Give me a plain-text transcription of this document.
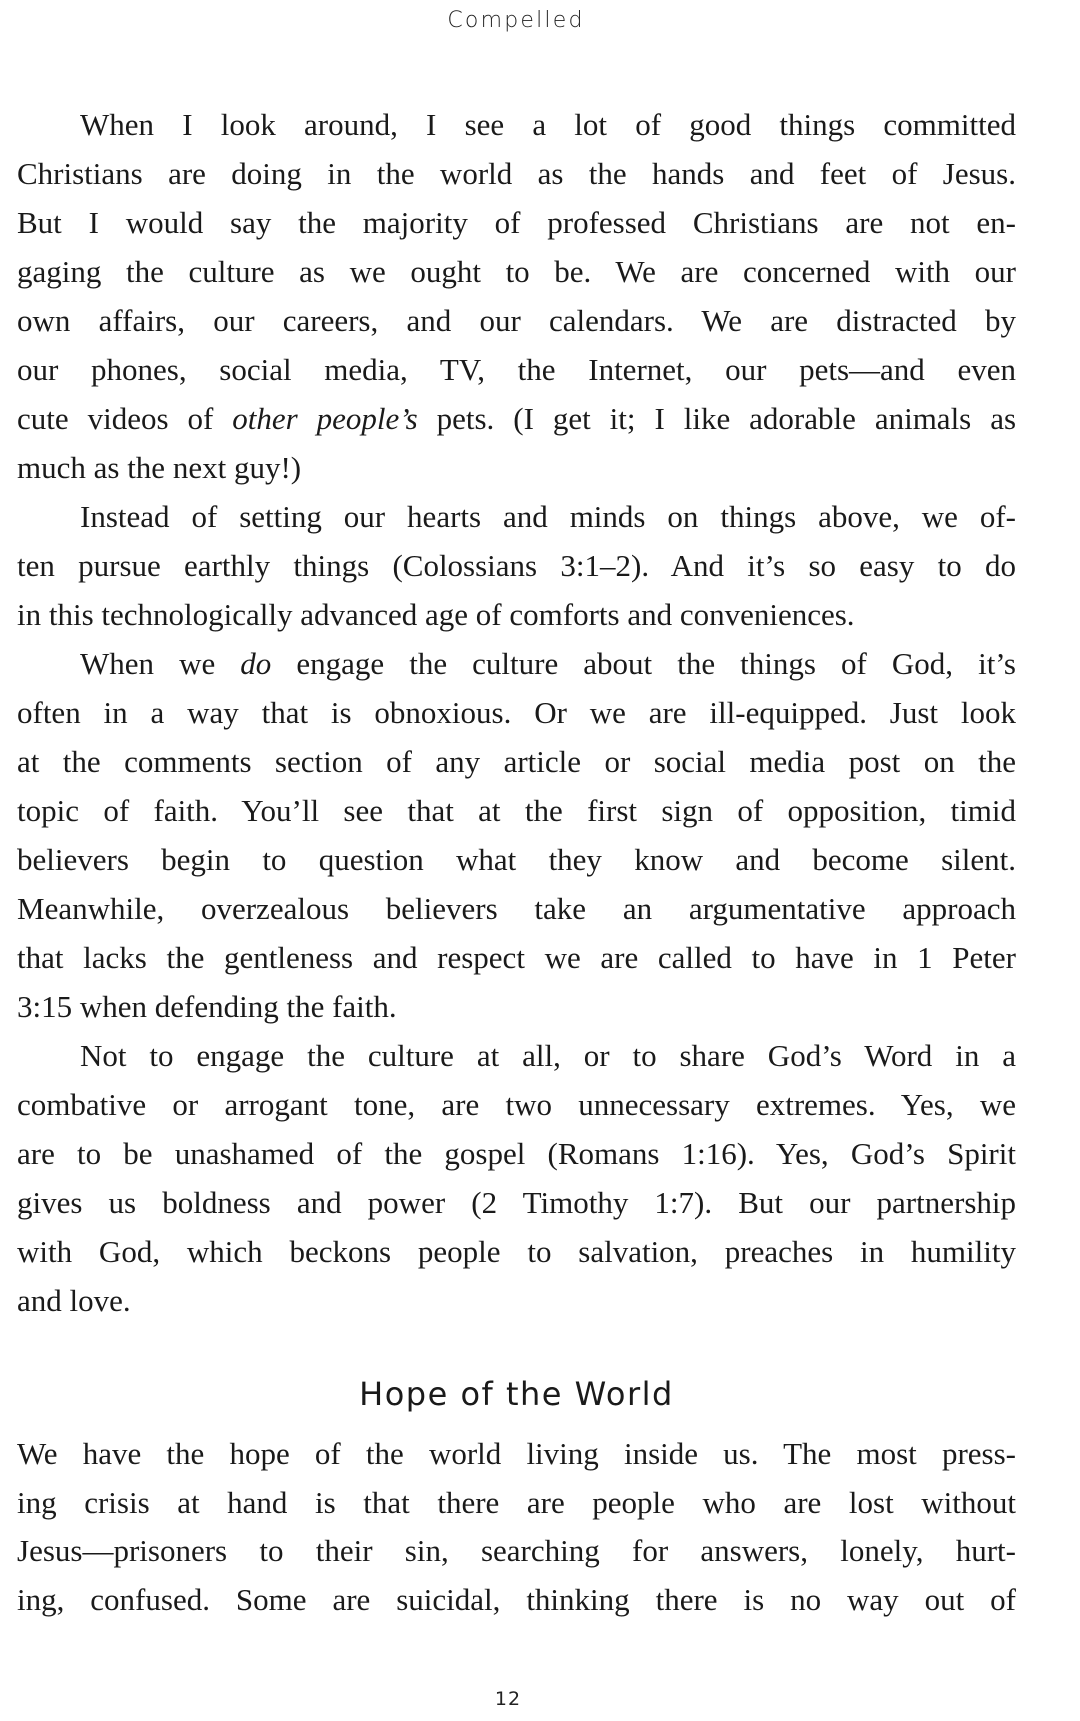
Compelled
When I look around, I see a lot of good things committed
Christians are doing in the world as the hands and feet of Jesus.
But I would say the majority of professed Christians are not en-
gaging the culture as we ought to be. We are concerned with our
own affairs, our careers, and our calendars. We are distracted by
our phones, social media, TV, the Internet, our pets—and even
cute videos of other people’s pets. (I get it; I like adorable animals as
much as the next guy!)
Instead of setting our hearts and minds on things above, we of-
ten pursue earthly things (Colossians 3:1–2). And it’s so easy to do
in this technologically advanced age of comforts and conveniences.
When we do engage the culture about the things of God, it’s
often in a way that is obnoxious. Or we are ill-equipped. Just look
at the comments section of any article or social media post on the
topic of faith. You’ll see that at the first sign of opposition, timid
believers begin to question what they know and become silent.
Meanwhile, overzealous believers take an argumentative approach
that lacks the gentleness and respect we are called to have in 1 Peter
3:15 when defending the faith.
Not to engage the culture at all, or to share God’s Word in a
combative or arrogant tone, are two unnecessary extremes. Yes, we
are to be unashamed of the gospel (Romans 1:16). Yes, God’s Spirit
gives us boldness and power (2 Timothy 1:7). But our partnership
with God, which beckons people to salvation, preaches in humility
and love.
Hope of the World
We have the hope of the world living inside us. The most press-
ing crisis at hand is that there are people who are lost without
Jesus—prisoners to their sin, searching for answers, lonely, hurt-
ing, confused. Some are suicidal, thinking there is no way out of
12
